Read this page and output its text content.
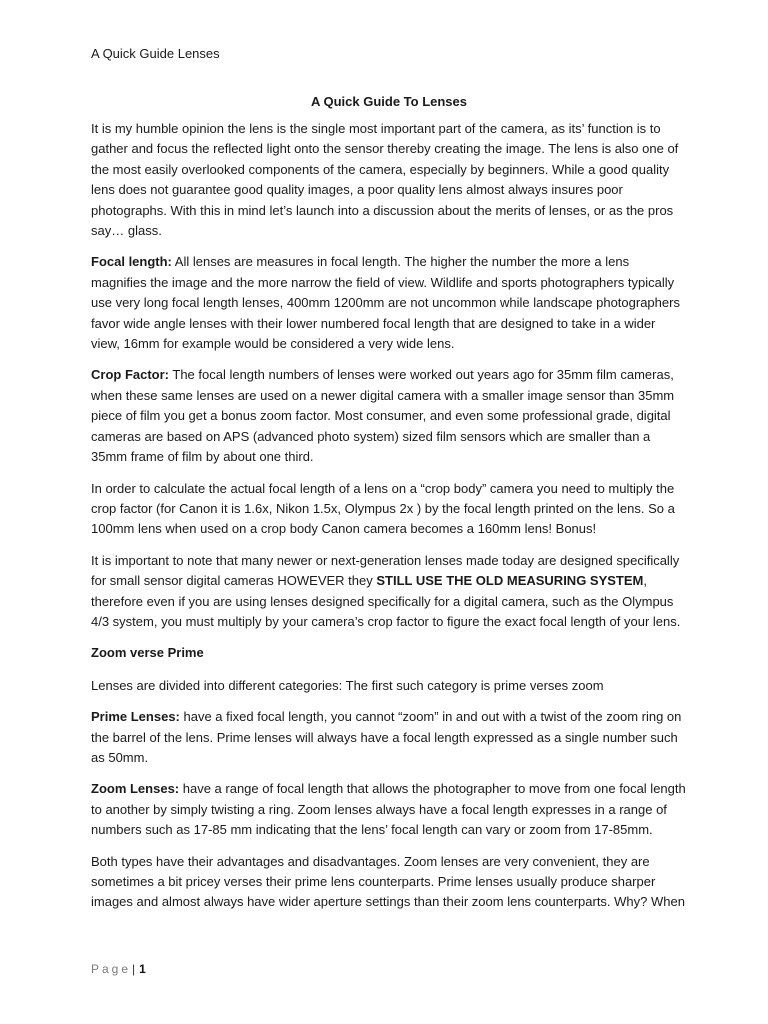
A Quick Guide Lenses
A Quick Guide To Lenses

It is my humble opinion the lens is the single most important part of the camera, as its’ function is to gather and focus the reflected light onto the sensor thereby creating the image. The lens is also one of the most easily overlooked components of the camera, especially by beginners. While a good quality lens does not guarantee good quality images, a poor quality lens almost always insures poor photographs. With this in mind let’s launch into a discussion about the merits of lenses, or as the pros say… glass.

Focal length: All lenses are measures in focal length. The higher the number the more a lens magnifies the image and the more narrow the field of view. Wildlife and sports photographers typically use very long focal length lenses, 400mm 1200mm are not uncommon while landscape photographers favor wide angle lenses with their lower numbered focal length that are designed to take in a wider view, 16mm for example would be considered a very wide lens.

Crop Factor: The focal length numbers of lenses were worked out years ago for 35mm film cameras, when these same lenses are used on a newer digital camera with a smaller image sensor than 35mm piece of film you get a bonus zoom factor. Most consumer, and even some professional grade, digital cameras are based on APS (advanced photo system) sized film sensors which are smaller than a 35mm frame of film by about one third.

In order to calculate the actual focal length of a lens on a “crop body” camera you need to multiply the crop factor (for Canon it is 1.6x, Nikon 1.5x, Olympus 2x ) by the focal length printed on the lens. So a 100mm lens when used on a crop body Canon camera becomes a 160mm lens! Bonus!

It is important to note that many newer or next-generation lenses made today are designed specifically for small sensor digital cameras HOWEVER they STILL USE THE OLD MEASURING SYSTEM, therefore even if you are using lenses designed specifically for a digital camera, such as the Olympus 4/3 system, you must multiply by your camera’s crop factor to figure the exact focal length of your lens.

Zoom verse Prime

Lenses are divided into different categories: The first such category is prime verses zoom

Prime Lenses: have a fixed focal length, you cannot “zoom” in and out with a twist of the zoom ring on the barrel of the lens. Prime lenses will always have a focal length expressed as a single number such as 50mm.

Zoom Lenses: have a range of focal length that allows the photographer to move from one focal length to another by simply twisting a ring. Zoom lenses always have a focal length expresses in a range of numbers such as 17-85 mm indicating that the lens’ focal length can vary or zoom from 17-85mm.

Both types have their advantages and disadvantages. Zoom lenses are very convenient, they are sometimes a bit pricey verses their prime lens counterparts. Prime lenses usually produce sharper images and almost always have wider aperture settings than their zoom lens counterparts. Why? When

Page| 1
